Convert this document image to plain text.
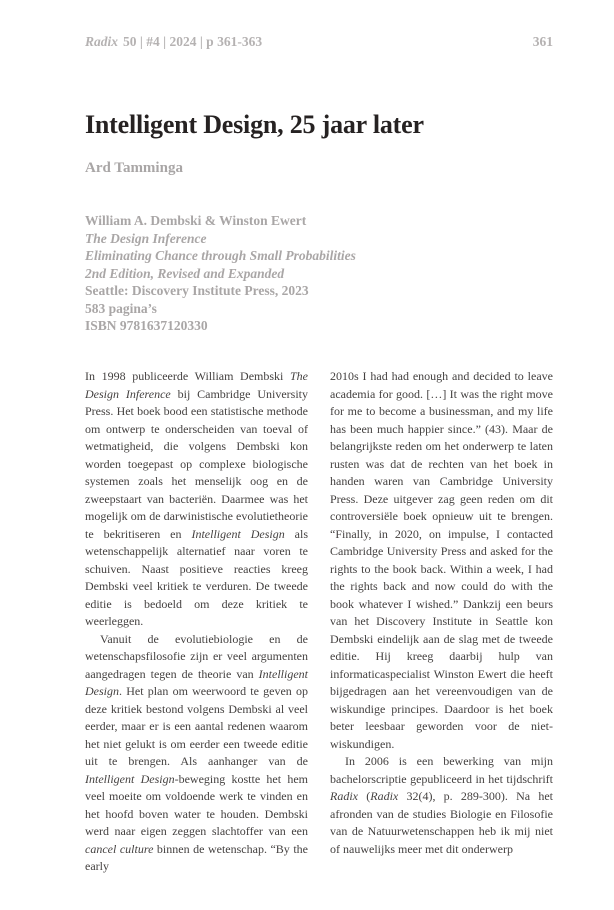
Radix 50 | #4 | 2024 | p 361-363	361
Intelligent Design, 25 jaar later
Ard Tamminga
William A. Dembski & Winston Ewert
The Design Inference
Eliminating Chance through Small Probabilities
2nd Edition, Revised and Expanded
Seattle: Discovery Institute Press, 2023
583 pagina’s
ISBN 9781637120330

In 1998 publiceerde William Dembski The Design Inference bij Cambridge University Press. Het boek bood een statistische methode om ontwerp te onderscheiden van toeval of wetmatigheid, die volgens Dembski kon worden toegepast op complexe biologische systemen zoals het menselijk oog en de zweepstaart van bacteriën. Daarmee was het mogelijk om de darwinistische evolutietheorie te bekritiseren en Intelligent Design als wetenschappelijk alternatief naar voren te schuiven. Naast positieve reacties kreeg Dembski veel kritiek te verduren. De tweede editie is bedoeld om deze kritiek te weerleggen.

Vanuit de evolutiebiologie en de wetenschapsfilosofie zijn er veel argumenten aangedragen tegen de theorie van Intelligent Design. Het plan om weerwoord te geven op deze kritiek bestond volgens Dembski al veel eerder, maar er is een aantal redenen waarom het niet gelukt is om eerder een tweede editie uit te brengen. Als aanhanger van de Intelligent Design-beweging kostte het hem veel moeite om voldoende werk te vinden en het hoofd boven water te houden. Dembski werd naar eigen zeggen slachtoffer van een cancel culture binnen de wetenschap. “By the early

2010s I had had enough and decided to leave academia for good. […] It was the right move for me to become a businessman, and my life has been much happier since.” (43). Maar de belangrijkste reden om het onderwerp te laten rusten was dat de rechten van het boek in handen waren van Cambridge University Press. Deze uitgever zag geen reden om dit controversiële boek opnieuw uit te brengen. “Finally, in 2020, on impulse, I contacted Cambridge University Press and asked for the rights to the book back. Within a week, I had the rights back and now could do with the book whatever I wished.” Dankzij een beurs van het Discovery Institute in Seattle kon Dembski eindelijk aan de slag met de tweede editie. Hij kreeg daarbij hulp van informaticaspecialist Winston Ewert die heeft bijgedragen aan het vereenvoudigen van de wiskundige principes. Daardoor is het boek beter leesbaar geworden voor de niet-wiskundigen.

In 2006 is een bewerking van mijn bachelorscriptie gepubliceerd in het tijdschrift Radix (Radix 32(4), p. 289-300). Na het afronden van de studies Biologie en Filosofie van de Natuurwetenschappen heb ik mij niet of nauwelijks meer met dit onderwerp
